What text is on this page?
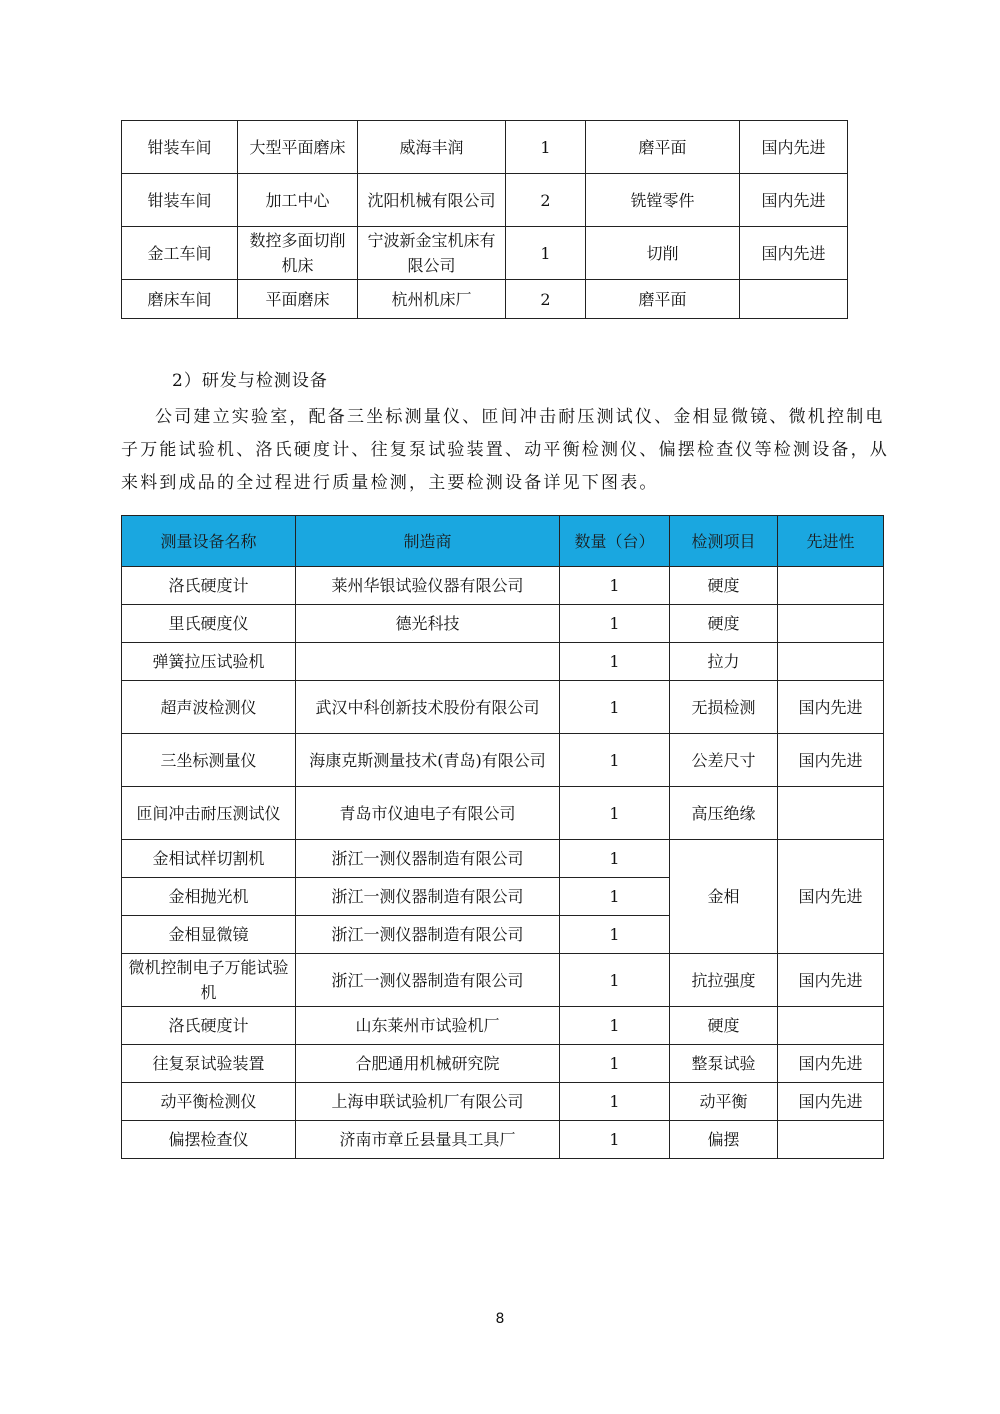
钳装车间	大型平面磨床	威海丰润	1	磨平面	国内先进
钳装车间	加工中心	沈阳机械有限公司	2	铣镗零件	国内先进
金工车间	数控多面切削机床	宁波新金宝机床有限公司	1	切削	国内先进
磨床车间	平面磨床	杭州机床厂	2	磨平面	
2）研发与检测设备

公司建立实验室，配备三坐标测量仪、匝间冲击耐压测试仪、金相显微镜、微机控制电子万能试验机、洛氏硬度计、往复泵试验装置、动平衡检测仪、偏摆检查仪等检测设备，从来料到成品的全过程进行质量检测，主要检测设备详见下图表。

测量设备名称	制造商	数量（台）	检测项目	先进性
洛氏硬度计	莱州华银试验仪器有限公司	1	硬度	
里氏硬度仪	德光科技	1	硬度	
弹簧拉压试验机		1	拉力	
超声波检测仪	武汉中科创新技术股份有限公司	1	无损检测	国内先进
三坐标测量仪	海康克斯测量技术(青岛)有限公司	1	公差尺寸	国内先进
匝间冲击耐压测试仪	青岛市仪迪电子有限公司	1	高压绝缘	
金相试样切割机	浙江一测仪器制造有限公司	1	金相	国内先进
金相抛光机	浙江一测仪器制造有限公司	1		
金相显微镜	浙江一测仪器制造有限公司	1		
微机控制电子万能试验机	浙江一测仪器制造有限公司	1	抗拉强度	国内先进
洛氏硬度计	山东莱州市试验机厂	1	硬度	
往复泵试验装置	合肥通用机械研究院	1	整泵试验	国内先进
动平衡检测仪	上海申联试验机厂有限公司	1	动平衡	国内先进
偏摆检查仪	济南市章丘县量具工具厂	1	偏摆	
8
